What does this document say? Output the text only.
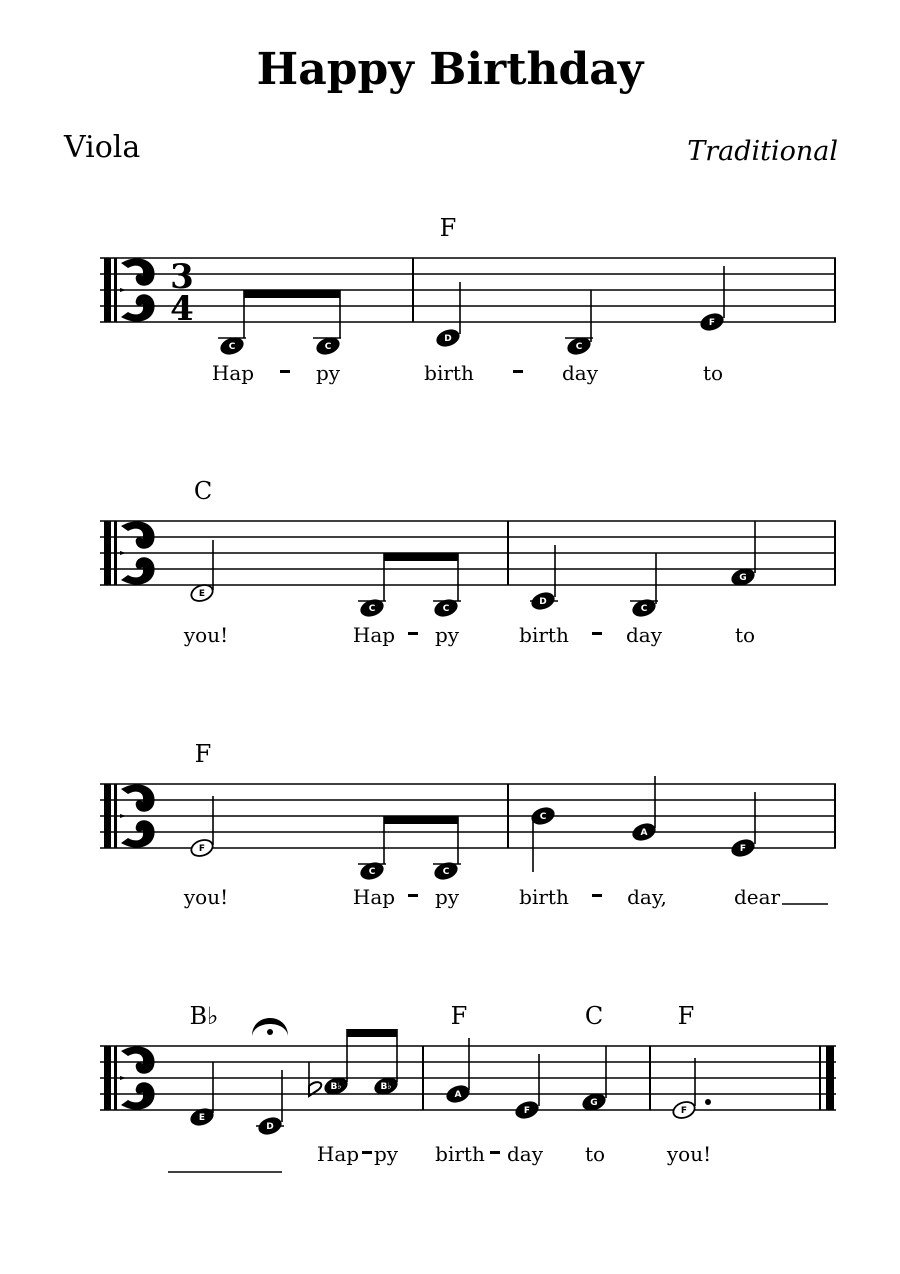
Happy Birthday
Viola	Traditional
3
4
F
C	C
D
C
F
Hap	py	birth	day	to
C
E
C	C
D
C
G
you!	Hap py	birth	day	to
F
F
C	C
C
A
F
you!	Hap py	birth	day,	dear
B♭	F	C	F
E
D
B♭	B♭
A
F
G
F
Hap py birth day to	you!
